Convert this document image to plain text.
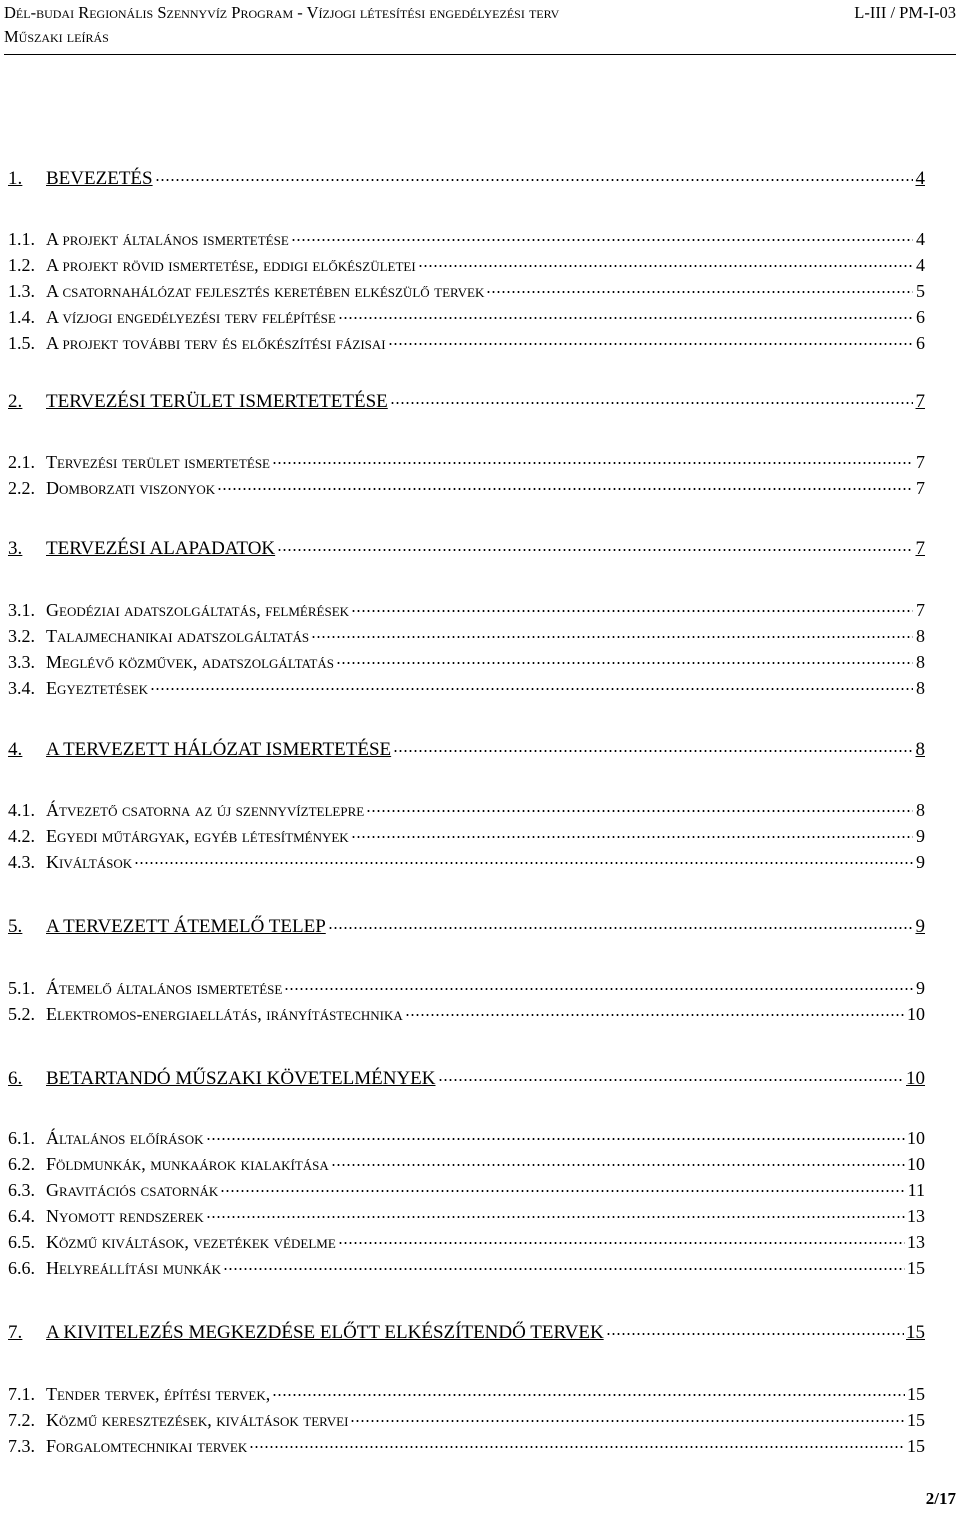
Dél-budai Regionális Szennyvíz Program - Vízjogi létesítési engedélyezési terv	L-III / PM-I-03
Műszaki leírás
1.	BEVEZETÉS	4
1.1. A projekt általános ismertetése	4
1.2. A projekt rövid ismertetése, eddigi előkészületei	4
1.3. A csatornahálózat fejlesztés keretében elkészülő tervek	5
1.4. A vízjogi engedélyezési terv felépítése	6
1.5. A projekt további terv és előkészítési fázisai	6
2.	TERVEZÉSI TERÜLET ISMERTETETÉSE	7
2.1. Tervezési terület ismertetése	7
2.2. Domborzati viszonyok	7
3.	TERVEZÉSI ALAPADATOK	7
3.1. Geodéziai adatszolgáltatás, felmérések	7
3.2. Talajmechanikai adatszolgáltatás	8
3.3. Meglévő közművek, adatszolgáltatás	8
3.4. Egyeztetések	8
4.	A TERVEZETT HÁLÓZAT ISMERTETÉSE	8
4.1. Átvezető csatorna az új szennyvíztelepre	8
4.2. Egyedi műtárgyak, egyéb létesítmények	9
4.3. Kiváltások	9
5.	A TERVEZETT ÁTEMELŐ TELEP	9
5.1. Átemelő általános ismertetése	9
5.2. Elektromos-energiaellátás, irányítástechnika	10
6.	BETARTANDÓ MŰSZAKI KÖVETELMÉNYEK	10
6.1. Általános előírások	10
6.2. Földmunkák, munkaárok kialakítása	10
6.3. Gravitációs csatornák	11
6.4. Nyomott rendszerek	13
6.5. Közmű kiváltások, vezetékek védelme	13
6.6. Helyreállítási munkák	15
7.	A KIVITELEZÉS MEGKEZDÉSE ELŐTT ELKÉSZÍTENDŐ TERVEK	15
7.1. Tender tervek, építési tervek,	15
7.2. Közmű keresztezések, kiváltások tervei	15
7.3. Forgalomtechnikai tervek	15
2/17
